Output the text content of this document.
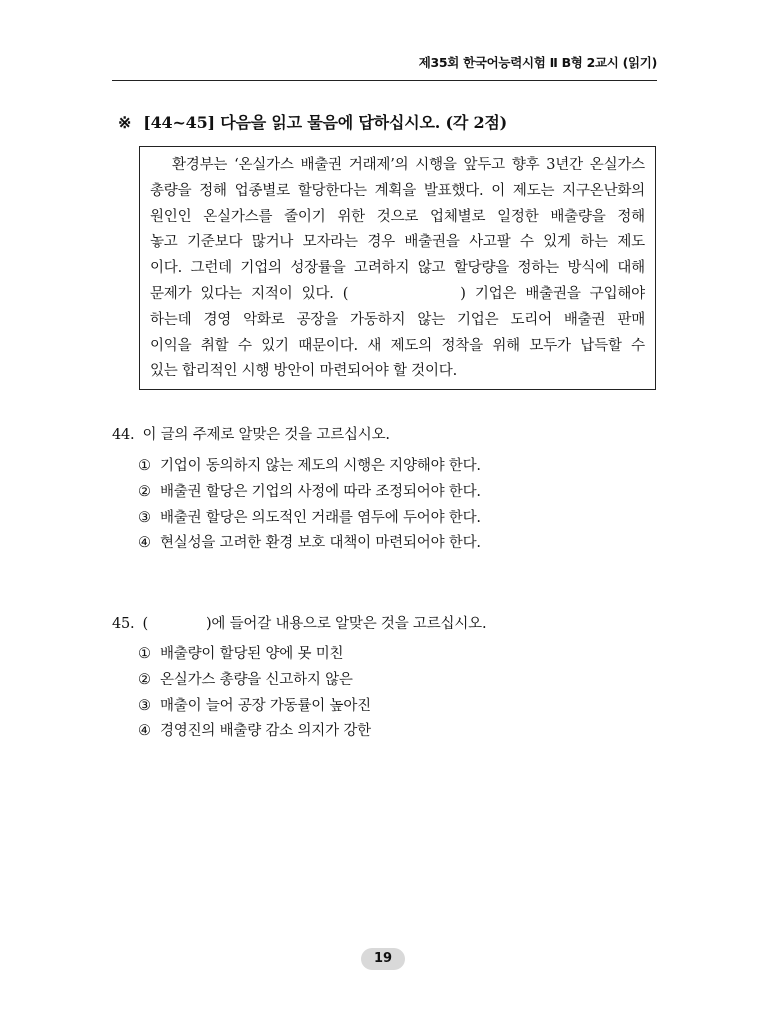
제35회 한국어능력시험 Ⅱ B형 2교시 (읽기)
※ [44~45] 다음을 읽고 물음에 답하십시오. (각 2점)
환경부는 ‘온실가스 배출권 거래제’의 시행을 앞두고 향후 3년간 온실가스
총량을 정해 업종별로 할당한다는 계획을 발표했다. 이 제도는 지구온난화의
원인인 온실가스를 줄이기 위한 것으로 업체별로 일정한 배출량을 정해
놓고 기준보다 많거나 모자라는 경우 배출권을 사고팔 수 있게 하는 제도
이다. 그런데 기업의 성장률을 고려하지 않고 할당량을 정하는 방식에 대해
문제가 있다는 지적이 있다. (	) 기업은 배출권을 구입해야
하는데 경영 악화로 공장을 가동하지 않는 기업은 도리어 배출권 판매
이익을 취할 수 있기 때문이다. 새 제도의 정착을 위해 모두가 납득할 수
있는 합리적인 시행 방안이 마련되어야 할 것이다.
44. 이 글의 주제로 알맞은 것을 고르십시오.
① 기업이 동의하지 않는 제도의 시행은 지양해야 한다.
② 배출권 할당은 기업의 사정에 따라 조정되어야 한다.
③ 배출권 할당은 의도적인 거래를 염두에 두어야 한다.
④ 현실성을 고려한 환경 보호 대책이 마련되어야 한다.
45. (	)에 들어갈 내용으로 알맞은 것을 고르십시오.
① 배출량이 할당된 양에 못 미친
② 온실가스 총량을 신고하지 않은
③ 매출이 늘어 공장 가동률이 높아진
④ 경영진의 배출량 감소 의지가 강한
19
